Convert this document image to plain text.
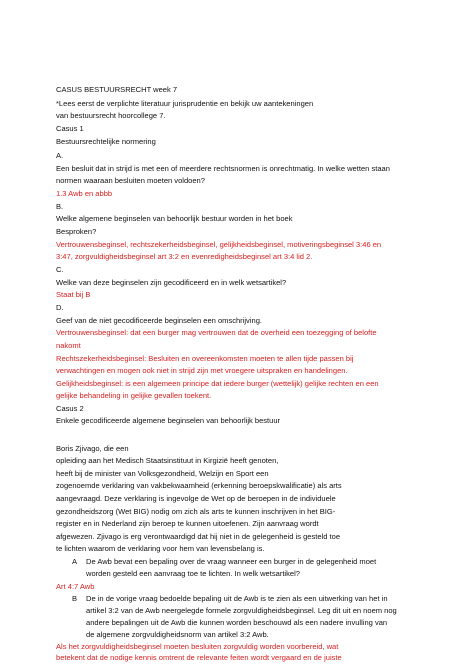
CASUS BESTUURSRECHT week 7
*Lees eerst de verplichte literatuur jurisprudentie en bekijk uw aantekeningen
van bestuursrecht hoorcollege 7.
Casus 1
Bestuursrechtelijke normering
A.
Een besluit dat in strijd is met een of meerdere rechtsnormen is onrechtmatig. In welke wetten staan
normen waaraan besluiten moeten voldoen?
1.3 Awb en abbb
B.
Welke algemene beginselen van behoorlijk bestuur worden in het boek
Besproken?
Vertrouwensbeginsel, rechtszekerheidsbeginsel, gelijkheidsbeginsel, motiveringsbeginsel 3:46 en
3:47, zorgvuldigheidsbeginsel art 3:2 en evenredigheidsbeginsel art 3:4 lid 2.
C.
Welke van deze beginselen zijn gecodificeerd en in welk wetsartikel?
Staat bij B
D.
Geef van de niet gecodificeerde beginselen een omschrijving.
Vertrouwensbeginsel: dat een burger mag vertrouwen dat de overheid een toezegging of belofte
nakomt
Rechtszekerheidsbeginsel: Besluiten en overeenkomsten moeten te allen tijde passen bij
verwachtingen en mogen ook niet in strijd zijn met vroegere uitspraken en handelingen.
Gelijkheidsbeginsel: is een algemeen principe dat iedere burger (wettelijk) gelijke rechten en een
gelijke behandeling in gelijke gevallen toekent.
Casus 2
Enkele gecodificeerde algemene beginselen van behoorlijk bestuur
Boris Zjivago, die een
opleiding aan het Medisch Staatsinstituut in Kirgizië heeft genoten,
heeft bij de minister van Volksgezondheid, Welzijn en Sport een
zogenoemde verklaring van vakbekwaamheid (erkenning beroepskwalificatie) als arts
aangevraagd. Deze verklaring is ingevolge de Wet op de beroepen in de individuele
gezondheidszorg (Wet BIG) nodig om zich als arts te kunnen inschrijven in het BIG-
register en in Nederland zijn beroep te kunnen uitoefenen. Zijn aanvraag wordt
afgewezen. Zjivago is erg verontwaardigd dat hij niet in de gelegenheid is gesteld toe
te lichten waarom de verklaring voor hem van levensbelang is.
A De Awb bevat een bepaling over de vraag wanneer een burger in de gelegenheid moet
worden gesteld een aanvraag toe te lichten. In welk wetsartikel?
Art 4:7 Awb
B De in de vorige vraag bedoelde bepaling uit de Awb is te zien als een uitwerking van het in
artikel 3:2 van de Awb neergelegde formele zorgvuldigheidsbeginsel. Leg dit uit en noem nog
andere bepalingen uit de Awb die kunnen worden beschouwd als een nadere invulling van
de algemene zorgvuldigheidsnorm van artikel 3:2 Awb.
Als het zorgvuldigheidsbeginsel moeten besluiten zorgvuldig worden voorbereid, wat
betekent dat de nodige kennis omtrent de relevante feiten wordt vergaard en de juiste
